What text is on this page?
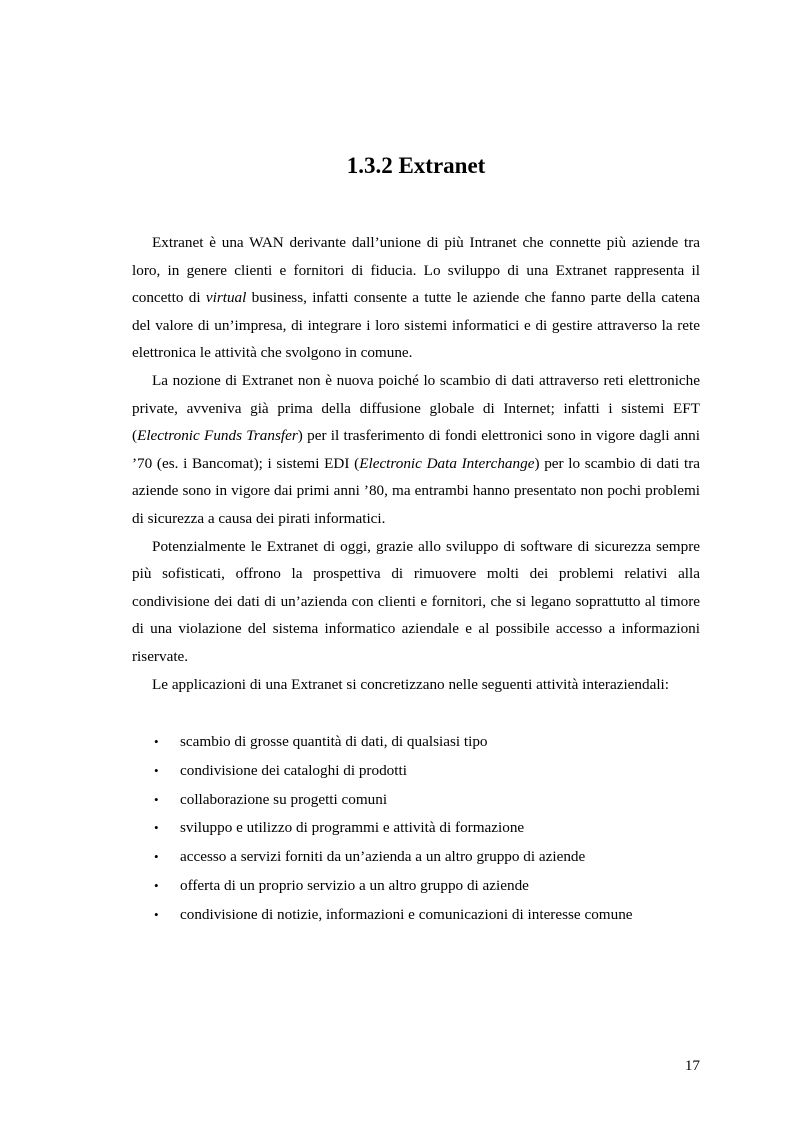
1.3.2 Extranet

Extranet è una WAN derivante dall’unione di più Intranet che connette più aziende tra loro, in genere clienti e fornitori di fiducia. Lo sviluppo di una Extranet rappresenta il concetto di virtual business, infatti consente a tutte le aziende che fanno parte della catena del valore di un’impresa, di integrare i loro sistemi informatici e di gestire attraverso la rete elettronica le attività che svolgono in comune.

La nozione di Extranet non è nuova poiché lo scambio di dati attraverso reti elettroniche private, avveniva già prima della diffusione globale di Internet; infatti i sistemi EFT (Electronic Funds Transfer) per il trasferimento di fondi elettronici sono in vigore dagli anni ’70 (es. i Bancomat); i sistemi EDI (Electronic Data Interchange) per lo scambio di dati tra aziende sono in vigore dai primi anni ’80, ma entrambi hanno presentato non pochi problemi di sicurezza a causa dei pirati informatici.

Potenzialmente le Extranet di oggi, grazie allo sviluppo di software di sicurezza sempre più sofisticati, offrono la prospettiva di rimuovere molti dei problemi relativi alla condivisione dei dati di un’azienda con clienti e fornitori, che si legano soprattutto al timore di una violazione del sistema informatico aziendale e al possibile accesso a informazioni riservate.

Le applicazioni di una Extranet si concretizzano nelle seguenti attività interaziendali:

• scambio di grosse quantità di dati, di qualsiasi tipo
• condivisione dei cataloghi di prodotti
• collaborazione su progetti comuni
• sviluppo e utilizzo di programmi e attività di formazione
• accesso a servizi forniti da un’azienda a un altro gruppo di aziende
• offerta di un proprio servizio a un altro gruppo di aziende
• condivisione di notizie, informazioni e comunicazioni di interesse comune
17
